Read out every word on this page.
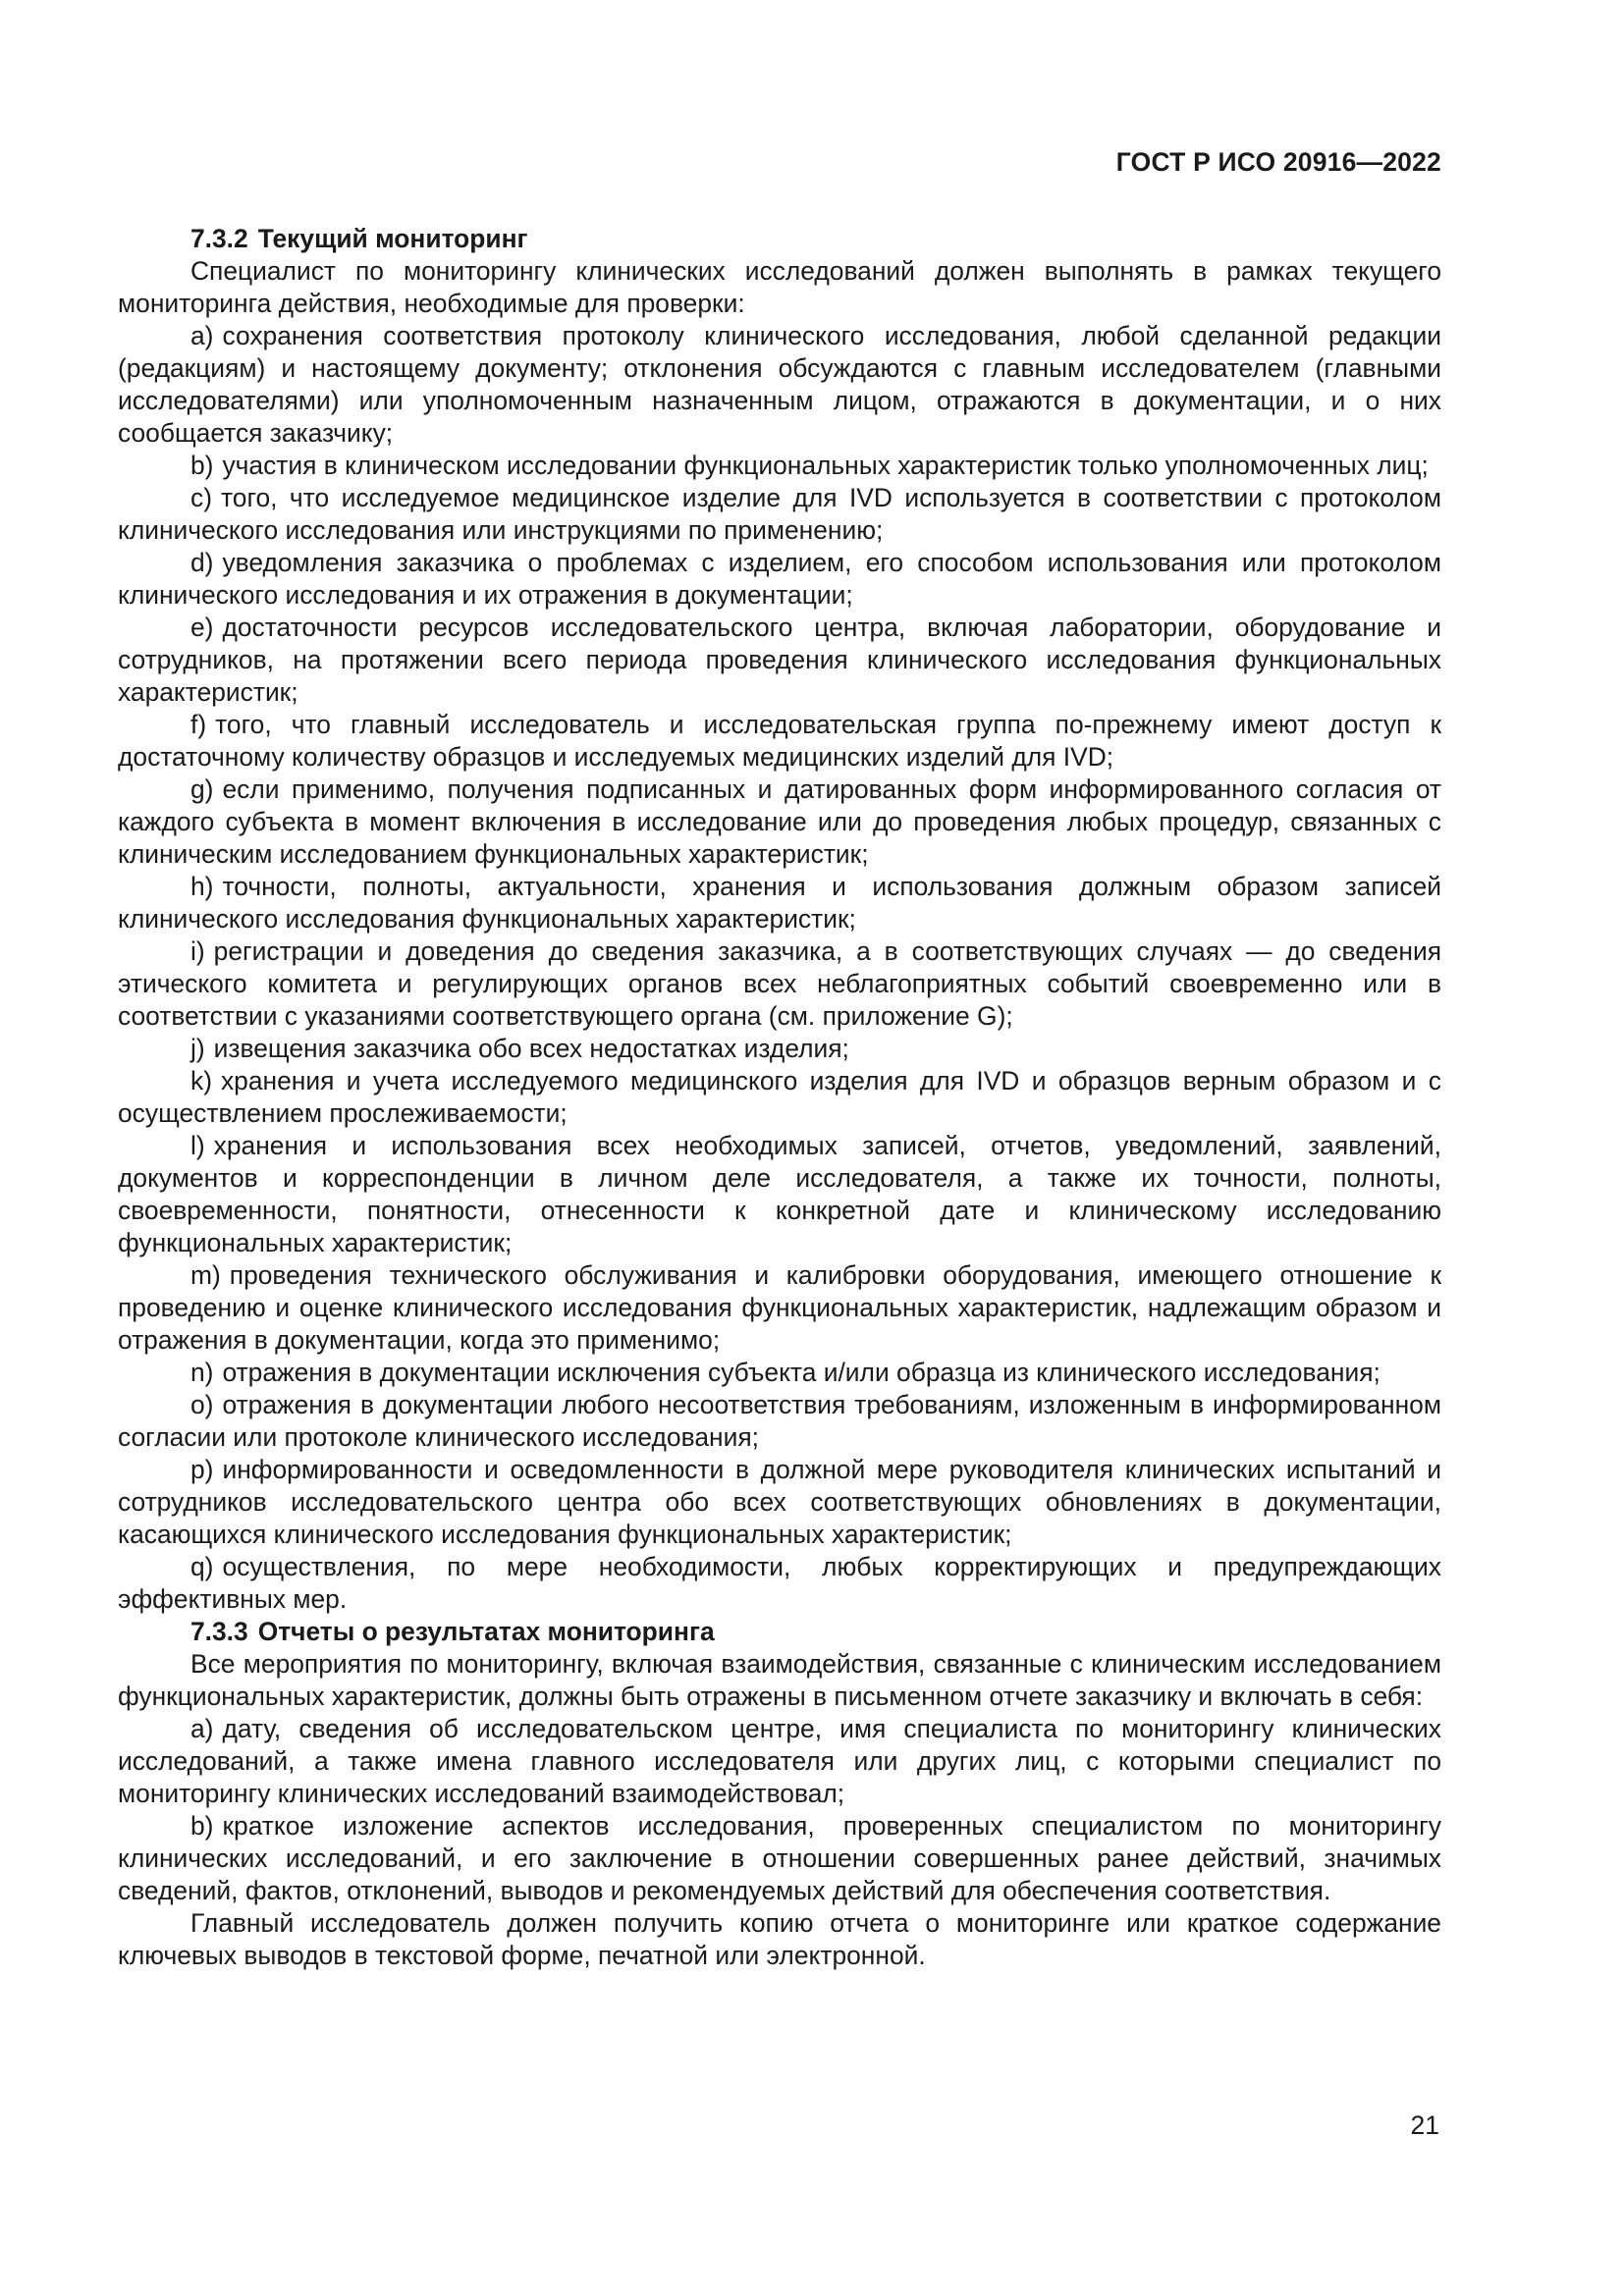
ГОСТ Р ИСО 20916—2022
7.3.2 Текущий мониторинг

Специалист по мониторингу клинических исследований должен выполнять в рамках текущего мониторинга действия, необходимые для проверки:

a) сохранения соответствия протоколу клинического исследования, любой сделанной редакции (редакциям) и настоящему документу; отклонения обсуждаются с главным исследователем (главными исследователями) или уполномоченным назначенным лицом, отражаются в документации, и о них сообщается заказчику;

b) участия в клиническом исследовании функциональных характеристик только уполномоченных лиц;

c) того, что исследуемое медицинское изделие для IVD используется в соответствии с протоколом клинического исследования или инструкциями по применению;

d) уведомления заказчика о проблемах с изделием, его способом использования или протоколом клинического исследования и их отражения в документации;

e) достаточности ресурсов исследовательского центра, включая лаборатории, оборудование и сотрудников, на протяжении всего периода проведения клинического исследования функциональных характеристик;

f) того, что главный исследователь и исследовательская группа по-прежнему имеют доступ к достаточному количеству образцов и исследуемых медицинских изделий для IVD;

g) если применимо, получения подписанных и датированных форм информированного согласия от каждого субъекта в момент включения в исследование или до проведения любых процедур, связанных с клиническим исследованием функциональных характеристик;

h) точности, полноты, актуальности, хранения и использования должным образом записей клинического исследования функциональных характеристик;

i) регистрации и доведения до сведения заказчика, а в соответствующих случаях — до сведения этического комитета и регулирующих органов всех неблагоприятных событий своевременно или в соответствии с указаниями соответствующего органа (см. приложение G);

j) извещения заказчика обо всех недостатках изделия;

k) хранения и учета исследуемого медицинского изделия для IVD и образцов верным образом и с осуществлением прослеживаемости;

l) хранения и использования всех необходимых записей, отчетов, уведомлений, заявлений, документов и корреспонденции в личном деле исследователя, а также их точности, полноты, своевременности, понятности, отнесенности к конкретной дате и клиническому исследованию функциональных характеристик;

m) проведения технического обслуживания и калибровки оборудования, имеющего отношение к проведению и оценке клинического исследования функциональных характеристик, надлежащим образом и отражения в документации, когда это применимо;

n) отражения в документации исключения субъекта и/или образца из клинического исследования;

o) отражения в документации любого несоответствия требованиям, изложенным в информированном согласии или протоколе клинического исследования;

p) информированности и осведомленности в должной мере руководителя клинических испытаний и сотрудников исследовательского центра обо всех соответствующих обновлениях в документации, касающихся клинического исследования функциональных характеристик;

q) осуществления, по мере необходимости, любых корректирующих и предупреждающих эффективных мер.

7.3.3 Отчеты о результатах мониторинга

Все мероприятия по мониторингу, включая взаимодействия, связанные с клиническим исследованием функциональных характеристик, должны быть отражены в письменном отчете заказчику и включать в себя:

a) дату, сведения об исследовательском центре, имя специалиста по мониторингу клинических исследований, а также имена главного исследователя или других лиц, с которыми специалист по мониторингу клинических исследований взаимодействовал;

b) краткое изложение аспектов исследования, проверенных специалистом по мониторингу клинических исследований, и его заключение в отношении совершенных ранее действий, значимых сведений, фактов, отклонений, выводов и рекомендуемых действий для обеспечения соответствия.

Главный исследователь должен получить копию отчета о мониторинге или краткое содержание ключевых выводов в текстовой форме, печатной или электронной.

21
